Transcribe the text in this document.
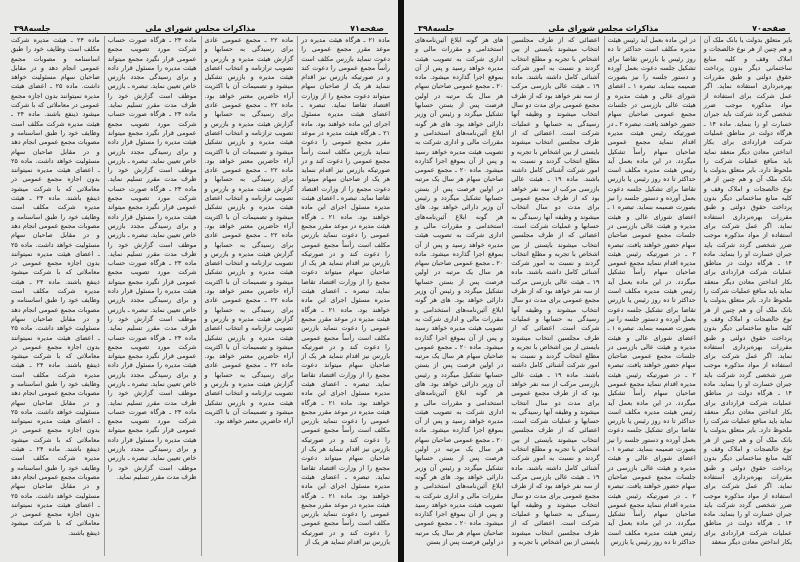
صفحه۷۰
مذاکرات مجلس شورای ملی
جلسه۳۹۸

بایر متعلق بدولت یا بانک ملک آن و هم چنین از هر نوع خالصجات و املاک وقف و کلیه منابع ساختمانی دیگر بدون پرداخت حقوق دولتی و طبق مقررات بهره‌برداری استفاده نماید. اگر عمل شرکت برای استفاده از مواد مذکوره موجب ضرر شخصی گردد شرکت باید جبران خسارت او را بنماید. ماده ۱۴ ـ هرگاه دولت در مناطق عملیات شرکت قراردادی برای بکار انداختن معادن دیگر منعقد نماید باید منافع عملیات شرکت را ملحوظ دارد. بایر متعلق بدولت یا بانک ملک آن و هم چنین از هر نوع خالصجات و املاک وقف و کلیه منابع ساختمانی دیگر بدون پرداخت حقوق دولتی و طبق مقررات بهره‌برداری استفاده نماید. اگر عمل شرکت برای استفاده از مواد مذکوره موجب ضرر شخصی گردد شرکت باید جبران خسارت او را بنماید. ماده ۱۴ ـ هرگاه دولت در مناطق عملیات شرکت قراردادی برای بکار انداختن معادن دیگر منعقد نماید باید منافع عملیات شرکت را ملحوظ دارد. بایر متعلق بدولت یا بانک ملک آن و هم چنین از هر نوع خالصجات و املاک وقف و کلیه منابع ساختمانی دیگر بدون پرداخت حقوق دولتی و طبق مقررات بهره‌برداری استفاده نماید. اگر عمل شرکت برای استفاده از مواد مذکوره موجب ضرر شخصی گردد شرکت باید جبران خسارت او را بنماید. ماده ۱۴ ـ هرگاه دولت در مناطق عملیات شرکت قراردادی برای بکار انداختن معادن دیگر منعقد نماید باید منافع عملیات شرکت را ملحوظ دارد. بایر متعلق بدولت یا بانک ملک آن و هم چنین از هر نوع خالصجات و املاک وقف و کلیه منابع ساختمانی دیگر بدون پرداخت حقوق دولتی و طبق مقررات بهره‌برداری استفاده نماید. اگر عمل شرکت برای استفاده از مواد مذکوره موجب ضرر شخصی گردد شرکت باید جبران خسارت او را بنماید. ماده ۱۴ ـ هرگاه دولت در مناطق عملیات شرکت قراردادی برای بکار انداختن معادن دیگر منعقد

در این ماده بعمل آید رئیس هیئت مدیره مکلف است حداکثر تا ده روز رئیس یا بازرس تقاضا برای تشکیل جلسه دعوت بعمل آورده و دستور جلسه را نیز بصورت ضمیمه بنماید. تبصره ۱ ـ اعضای شورای عالی و هیئت مدیره و هیئت عالی بازرسی در جلسات مجمع عمومی صاحبان سهام حضور خواهند یافت. تبصره ۲ ـ در صورتیکه رئیس هیئت مدیره اقدام ننماید مجمع عمومی صاحبان سهام رأساً تشکیل میگردد. در این ماده بعمل آید رئیس هیئت مدیره مکلف است حداکثر تا ده روز رئیس یا بازرس تقاضا برای تشکیل جلسه دعوت بعمل آورده و دستور جلسه را نیز بصورت ضمیمه بنماید. تبصره ۱ ـ اعضای شورای عالی و هیئت مدیره و هیئت عالی بازرسی در جلسات مجمع عمومی صاحبان سهام حضور خواهند یافت. تبصره ۲ ـ در صورتیکه رئیس هیئت مدیره اقدام ننماید مجمع عمومی صاحبان سهام رأساً تشکیل میگردد. در این ماده بعمل آید رئیس هیئت مدیره مکلف است حداکثر تا ده روز رئیس یا بازرس تقاضا برای تشکیل جلسه دعوت بعمل آورده و دستور جلسه را نیز بصورت ضمیمه بنماید. تبصره ۱ ـ اعضای شورای عالی و هیئت مدیره و هیئت عالی بازرسی در جلسات مجمع عمومی صاحبان سهام حضور خواهند یافت. تبصره ۲ ـ در صورتیکه رئیس هیئت مدیره اقدام ننماید مجمع عمومی صاحبان سهام رأساً تشکیل میگردد. در این ماده بعمل آید رئیس هیئت مدیره مکلف است حداکثر تا ده روز رئیس یا بازرس تقاضا برای تشکیل جلسه دعوت بعمل آورده و دستور جلسه را نیز بصورت ضمیمه بنماید. تبصره ۱ ـ اعضای شورای عالی و هیئت مدیره و هیئت عالی بازرسی در جلسات مجمع عمومی صاحبان سهام حضور خواهند یافت. تبصره ۲ ـ در صورتیکه رئیس هیئت مدیره اقدام ننماید مجمع عمومی صاحبان سهام رأساً تشکیل میگردد. در این ماده بعمل آید رئیس هیئت مدیره مکلف است حداکثر تا ده روز رئیس یا بازرس

اعضائی که از طرف مجلسین انتخاب میشوند بایستی از بین اشخاص با تجربه و مطلع انتخاب گردند و نسبت به امور شرکت آشنائی کامل داشته باشند. ماده ۱۹ ـ هیئت عالی بازرسی مرکب از سه نفر خواهد بود که از طرف مجمع عمومی برای مدت دو سال انتخاب میشوند و وظیفه آنها رسیدگی به حسابها و عملیات شرکت است. اعضائی که از طرف مجلسین انتخاب میشوند بایستی از بین اشخاص با تجربه و مطلع انتخاب گردند و نسبت به امور شرکت آشنائی کامل داشته باشند. ماده ۱۹ ـ هیئت عالی بازرسی مرکب از سه نفر خواهد بود که از طرف مجمع عمومی برای مدت دو سال انتخاب میشوند و وظیفه آنها رسیدگی به حسابها و عملیات شرکت است. اعضائی که از طرف مجلسین انتخاب میشوند بایستی از بین اشخاص با تجربه و مطلع انتخاب گردند و نسبت به امور شرکت آشنائی کامل داشته باشند. ماده ۱۹ ـ هیئت عالی بازرسی مرکب از سه نفر خواهد بود که از طرف مجمع عمومی برای مدت دو سال انتخاب میشوند و وظیفه آنها رسیدگی به حسابها و عملیات شرکت است. اعضائی که از طرف مجلسین انتخاب میشوند بایستی از بین اشخاص با تجربه و مطلع انتخاب گردند و نسبت به امور شرکت آشنائی کامل داشته باشند. ماده ۱۹ ـ هیئت عالی بازرسی مرکب از سه نفر خواهد بود که از طرف مجمع عمومی برای مدت دو سال انتخاب میشوند و وظیفه آنها رسیدگی به حسابها و عملیات شرکت است. اعضائی که از طرف مجلسین انتخاب میشوند بایستی از بین اشخاص با تجربه و مطلع انتخاب گردند و نسبت به امور شرکت آشنائی کامل داشته باشند. ماده ۱۹ ـ هیئت عالی بازرسی مرکب از سه نفر خواهد بود که از طرف مجمع عمومی برای مدت دو سال انتخاب میشوند و وظیفه آنها رسیدگی به حسابها و عملیات شرکت است. اعضائی که از طرف مجلسین انتخاب میشوند بایستی از بین اشخاص با تجربه و

های هر گونه ابلاغ آئین‌نامه‌های استخدامی و مقررات مالی و اداری شرکت به تصویب هیئت مدیره خواهد رسید و پس از آن بموقع اجرا گذارده میشود. ماده ۲۰ ـ مجمع عمومی صاحبان سهام هر سال یک مرتبه در اولین فرصت پس از بستن حسابها تشکیل میگردد و رئیس آن وزیر دارائی خواهد بود. های هر گونه ابلاغ آئین‌نامه‌های استخدامی و مقررات مالی و اداری شرکت به تصویب هیئت مدیره خواهد رسید و پس از آن بموقع اجرا گذارده میشود. ماده ۲۰ ـ مجمع عمومی صاحبان سهام هر سال یک مرتبه در اولین فرصت پس از بستن حسابها تشکیل میگردد و رئیس آن وزیر دارائی خواهد بود. های هر گونه ابلاغ آئین‌نامه‌های استخدامی و مقررات مالی و اداری شرکت به تصویب هیئت مدیره خواهد رسید و پس از آن بموقع اجرا گذارده میشود. ماده ۲۰ ـ مجمع عمومی صاحبان سهام هر سال یک مرتبه در اولین فرصت پس از بستن حسابها تشکیل میگردد و رئیس آن وزیر دارائی خواهد بود. های هر گونه ابلاغ آئین‌نامه‌های استخدامی و مقررات مالی و اداری شرکت به تصویب هیئت مدیره خواهد رسید و پس از آن بموقع اجرا گذارده میشود. ماده ۲۰ ـ مجمع عمومی صاحبان سهام هر سال یک مرتبه در اولین فرصت پس از بستن حسابها تشکیل میگردد و رئیس آن وزیر دارائی خواهد بود. های هر گونه ابلاغ آئین‌نامه‌های استخدامی و مقررات مالی و اداری شرکت به تصویب هیئت مدیره خواهد رسید و پس از آن بموقع اجرا گذارده میشود. ماده ۲۰ ـ مجمع عمومی صاحبان سهام هر سال یک مرتبه در اولین فرصت پس از بستن حسابها تشکیل میگردد و رئیس آن وزیر دارائی خواهد بود. های هر گونه ابلاغ آئین‌نامه‌های استخدامی و مقررات مالی و اداری شرکت به تصویب هیئت مدیره خواهد رسید و پس از آن بموقع اجرا گذارده میشود. ماده ۲۰ ـ مجمع عمومی صاحبان سهام هر سال یک مرتبه در اولین فرصت پس از بستن

صفحه۷۱
مذاکرات مجلس شورای ملی
جلسه۳۹۸

ماده ۲۱ ـ هرگاه هیئت مدیره در موعد مقرر مجمع عمومی را دعوت ننماید بازرس مکلف است رأساً مجمع عمومی را دعوت کند و در صورتیکه بازرس نیز اقدام ننماید هر یک از صاحبان سهام میتواند دعوت مجمع را از وزارت اقتصاد تقاضا نماید. تبصره ـ اعضای هیئت مدیره مسئول اجرای این ماده خواهند بود. ماده ۲۱ ـ هرگاه هیئت مدیره در موعد مقرر مجمع عمومی را دعوت ننماید بازرس مکلف است رأساً مجمع عمومی را دعوت کند و در صورتیکه بازرس نیز اقدام ننماید هر یک از صاحبان سهام میتواند دعوت مجمع را از وزارت اقتصاد تقاضا نماید. تبصره ـ اعضای هیئت مدیره مسئول اجرای این ماده خواهند بود. ماده ۲۱ ـ هرگاه هیئت مدیره در موعد مقرر مجمع عمومی را دعوت ننماید بازرس مکلف است رأساً مجمع عمومی را دعوت کند و در صورتیکه بازرس نیز اقدام ننماید هر یک از صاحبان سهام میتواند دعوت مجمع را از وزارت اقتصاد تقاضا نماید. تبصره ـ اعضای هیئت مدیره مسئول اجرای این ماده خواهند بود. ماده ۲۱ ـ هرگاه هیئت مدیره در موعد مقرر مجمع عمومی را دعوت ننماید بازرس مکلف است رأساً مجمع عمومی را دعوت کند و در صورتیکه بازرس نیز اقدام ننماید هر یک از صاحبان سهام میتواند دعوت مجمع را از وزارت اقتصاد تقاضا نماید. تبصره ـ اعضای هیئت مدیره مسئول اجرای این ماده خواهند بود. ماده ۲۱ ـ هرگاه هیئت مدیره در موعد مقرر مجمع عمومی را دعوت ننماید بازرس مکلف است رأساً مجمع عمومی را دعوت کند و در صورتیکه بازرس نیز اقدام ننماید هر یک از صاحبان سهام میتواند دعوت مجمع را از وزارت اقتصاد تقاضا نماید. تبصره ـ اعضای هیئت مدیره مسئول اجرای این ماده خواهند بود. ماده ۲۱ ـ هرگاه هیئت مدیره در موعد مقرر مجمع عمومی را دعوت ننماید بازرس مکلف است رأساً مجمع عمومی را دعوت کند و در صورتیکه بازرس نیز اقدام ننماید هر یک از

ماده ۲۲ ـ مجمع عمومی عادی برای رسیدگی به حسابها و گزارش هیئت مدیره و بازرس و تصویب ترازنامه و انتخاب اعضای هیئت مدیره و بازرس تشکیل میشود و تصمیمات آن با اکثریت آراء حاضرین معتبر خواهد بود. ماده ۲۲ ـ مجمع عمومی عادی برای رسیدگی به حسابها و گزارش هیئت مدیره و بازرس و تصویب ترازنامه و انتخاب اعضای هیئت مدیره و بازرس تشکیل میشود و تصمیمات آن با اکثریت آراء حاضرین معتبر خواهد بود. ماده ۲۲ ـ مجمع عمومی عادی برای رسیدگی به حسابها و گزارش هیئت مدیره و بازرس و تصویب ترازنامه و انتخاب اعضای هیئت مدیره و بازرس تشکیل میشود و تصمیمات آن با اکثریت آراء حاضرین معتبر خواهد بود. ماده ۲۲ ـ مجمع عمومی عادی برای رسیدگی به حسابها و گزارش هیئت مدیره و بازرس و تصویب ترازنامه و انتخاب اعضای هیئت مدیره و بازرس تشکیل میشود و تصمیمات آن با اکثریت آراء حاضرین معتبر خواهد بود. ماده ۲۲ ـ مجمع عمومی عادی برای رسیدگی به حسابها و گزارش هیئت مدیره و بازرس و تصویب ترازنامه و انتخاب اعضای هیئت مدیره و بازرس تشکیل میشود و تصمیمات آن با اکثریت آراء حاضرین معتبر خواهد بود. ماده ۲۲ ـ مجمع عمومی عادی برای رسیدگی به حسابها و گزارش هیئت مدیره و بازرس و تصویب ترازنامه و انتخاب اعضای هیئت مدیره و بازرس تشکیل میشود و تصمیمات آن با اکثریت آراء حاضرین معتبر خواهد بود.

ماده ۲۳ ـ هرگاه صورت حساب شرکت مورد تصویب مجمع عمومی قرار نگیرد مجمع میتواند هیئت مدیره را مسئول قرار داده و برای رسیدگی مجدد بازرس خاص تعیین نماید. تبصره ـ بازرس موظف است گزارش خود را ظرف مدت مقرر تسلیم نماید. ماده ۲۳ ـ هرگاه صورت حساب شرکت مورد تصویب مجمع عمومی قرار نگیرد مجمع میتواند هیئت مدیره را مسئول قرار داده و برای رسیدگی مجدد بازرس خاص تعیین نماید. تبصره ـ بازرس موظف است گزارش خود را ظرف مدت مقرر تسلیم نماید. ماده ۲۳ ـ هرگاه صورت حساب شرکت مورد تصویب مجمع عمومی قرار نگیرد مجمع میتواند هیئت مدیره را مسئول قرار داده و برای رسیدگی مجدد بازرس خاص تعیین نماید. تبصره ـ بازرس موظف است گزارش خود را ظرف مدت مقرر تسلیم نماید. ماده ۲۳ ـ هرگاه صورت حساب شرکت مورد تصویب مجمع عمومی قرار نگیرد مجمع میتواند هیئت مدیره را مسئول قرار داده و برای رسیدگی مجدد بازرس خاص تعیین نماید. تبصره ـ بازرس موظف است گزارش خود را ظرف مدت مقرر تسلیم نماید. ماده ۲۳ ـ هرگاه صورت حساب شرکت مورد تصویب مجمع عمومی قرار نگیرد مجمع میتواند هیئت مدیره را مسئول قرار داده و برای رسیدگی مجدد بازرس خاص تعیین نماید. تبصره ـ بازرس موظف است گزارش خود را ظرف مدت مقرر تسلیم نماید. ماده ۲۳ ـ هرگاه صورت حساب شرکت مورد تصویب مجمع عمومی قرار نگیرد مجمع میتواند هیئت مدیره را مسئول قرار داده و برای رسیدگی مجدد بازرس خاص تعیین نماید. تبصره ـ بازرس موظف است گزارش خود را ظرف مدت مقرر تسلیم نماید.

ماده ۲۴ ـ هیئت مدیره شرکت مکلف است وظایف خود را طبق اساسنامه و مصوبات مجمع عمومی انجام دهد و در مقابل صاحبان سهام مسئولیت خواهد داشت. ماده ۲۵ ـ اعضای هیئت مدیره نمیتوانند بدون اجازه مجمع عمومی در معاملاتی که با شرکت میشود ذینفع باشند. ماده ۲۴ ـ هیئت مدیره شرکت مکلف است وظایف خود را طبق اساسنامه و مصوبات مجمع عمومی انجام دهد و در مقابل صاحبان سهام مسئولیت خواهد داشت. ماده ۲۵ ـ اعضای هیئت مدیره نمیتوانند بدون اجازه مجمع عمومی در معاملاتی که با شرکت میشود ذینفع باشند. ماده ۲۴ ـ هیئت مدیره شرکت مکلف است وظایف خود را طبق اساسنامه و مصوبات مجمع عمومی انجام دهد و در مقابل صاحبان سهام مسئولیت خواهد داشت. ماده ۲۵ ـ اعضای هیئت مدیره نمیتوانند بدون اجازه مجمع عمومی در معاملاتی که با شرکت میشود ذینفع باشند. ماده ۲۴ ـ هیئت مدیره شرکت مکلف است وظایف خود را طبق اساسنامه و مصوبات مجمع عمومی انجام دهد و در مقابل صاحبان سهام مسئولیت خواهد داشت. ماده ۲۵ ـ اعضای هیئت مدیره نمیتوانند بدون اجازه مجمع عمومی در معاملاتی که با شرکت میشود ذینفع باشند. ماده ۲۴ ـ هیئت مدیره شرکت مکلف است وظایف خود را طبق اساسنامه و مصوبات مجمع عمومی انجام دهد و در مقابل صاحبان سهام مسئولیت خواهد داشت. ماده ۲۵ ـ اعضای هیئت مدیره نمیتوانند بدون اجازه مجمع عمومی در معاملاتی که با شرکت میشود ذینفع باشند. ماده ۲۴ ـ هیئت مدیره شرکت مکلف است وظایف خود را طبق اساسنامه و مصوبات مجمع عمومی انجام دهد و در مقابل صاحبان سهام مسئولیت خواهد داشت. ماده ۲۵ ـ اعضای هیئت مدیره نمیتوانند بدون اجازه مجمع عمومی در معاملاتی که با شرکت میشود ذینفع باشند.
